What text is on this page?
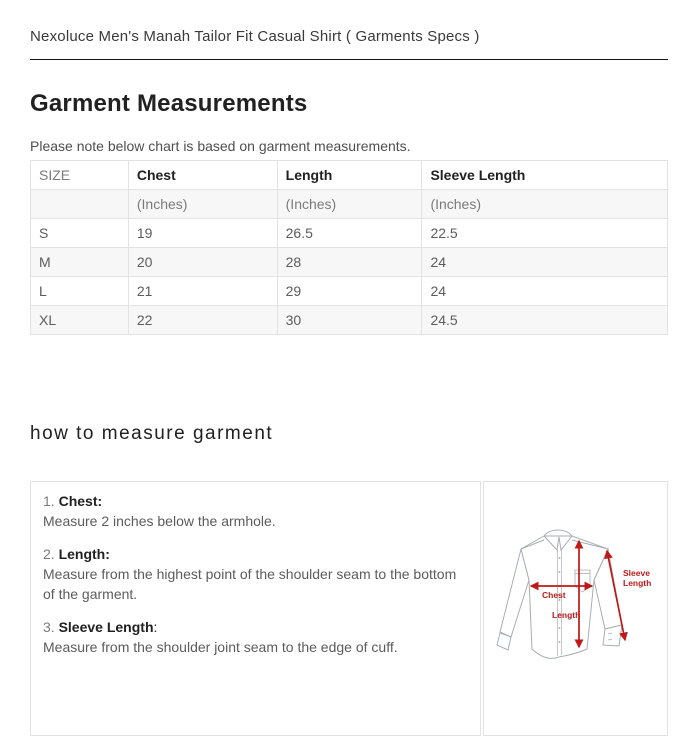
Nexoluce Men's Manah Tailor Fit Casual Shirt ( Garments Specs )
Garment Measurements

Please note below chart is based on garment measurements.

SIZE	Chest	Length	Sleeve Length
	(Inches)	(Inches)	(Inches)
S	19	26.5	22.5
M	20	28	24
L	21	29	24
XL	22	30	24.5
how to measure garment
1. Chest:
Measure 2 inches below the armhole.
2. Length:
Measure from the highest point of the shoulder seam to the bottom of the garment.
3. Sleeve Length:
Measure from the shoulder joint seam to the edge of cuff.
Chest
Length
Sleeve
Length
